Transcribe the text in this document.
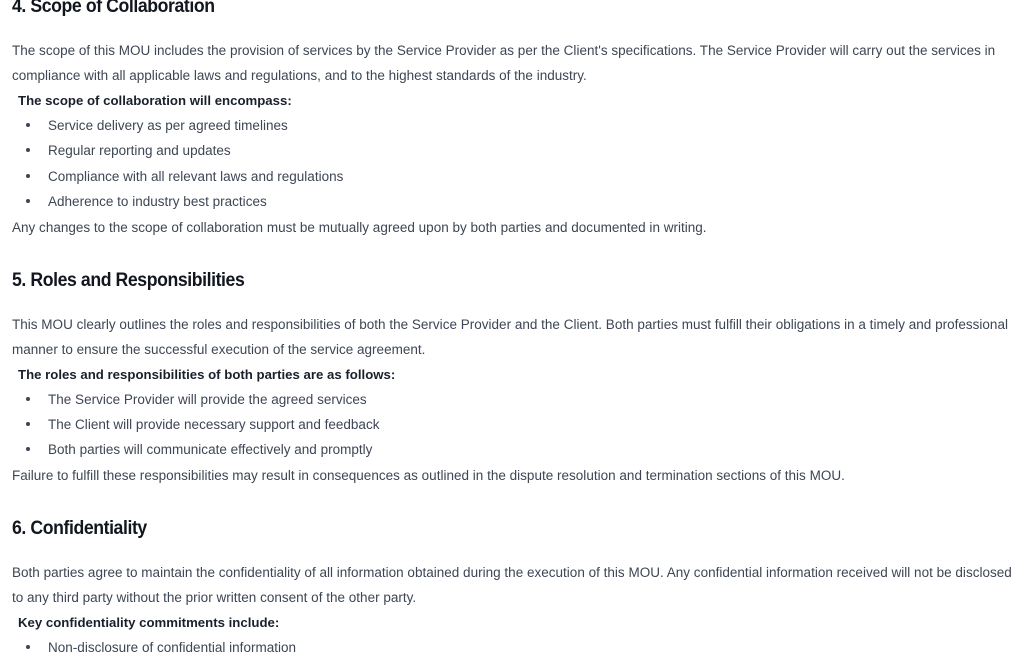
4. Scope of Collaboration

The scope of this MOU includes the provision of services by the Service Provider as per the Client's specifications. The Service Provider will carry out the services in compliance with all applicable laws and regulations, and to the highest standards of the industry.

The scope of collaboration will encompass:

Service delivery as per agreed timelines
Regular reporting and updates
Compliance with all relevant laws and regulations
Adherence to industry best practices

Any changes to the scope of collaboration must be mutually agreed upon by both parties and documented in writing.

5. Roles and Responsibilities

This MOU clearly outlines the roles and responsibilities of both the Service Provider and the Client. Both parties must fulfill their obligations in a timely and professional manner to ensure the successful execution of the service agreement.

The roles and responsibilities of both parties are as follows:

The Service Provider will provide the agreed services
The Client will provide necessary support and feedback
Both parties will communicate effectively and promptly

Failure to fulfill these responsibilities may result in consequences as outlined in the dispute resolution and termination sections of this MOU.

6. Confidentiality

Both parties agree to maintain the confidentiality of all information obtained during the execution of this MOU. Any confidential information received will not be disclosed to any third party without the prior written consent of the other party.

Key confidentiality commitments include:

Non-disclosure of confidential information
